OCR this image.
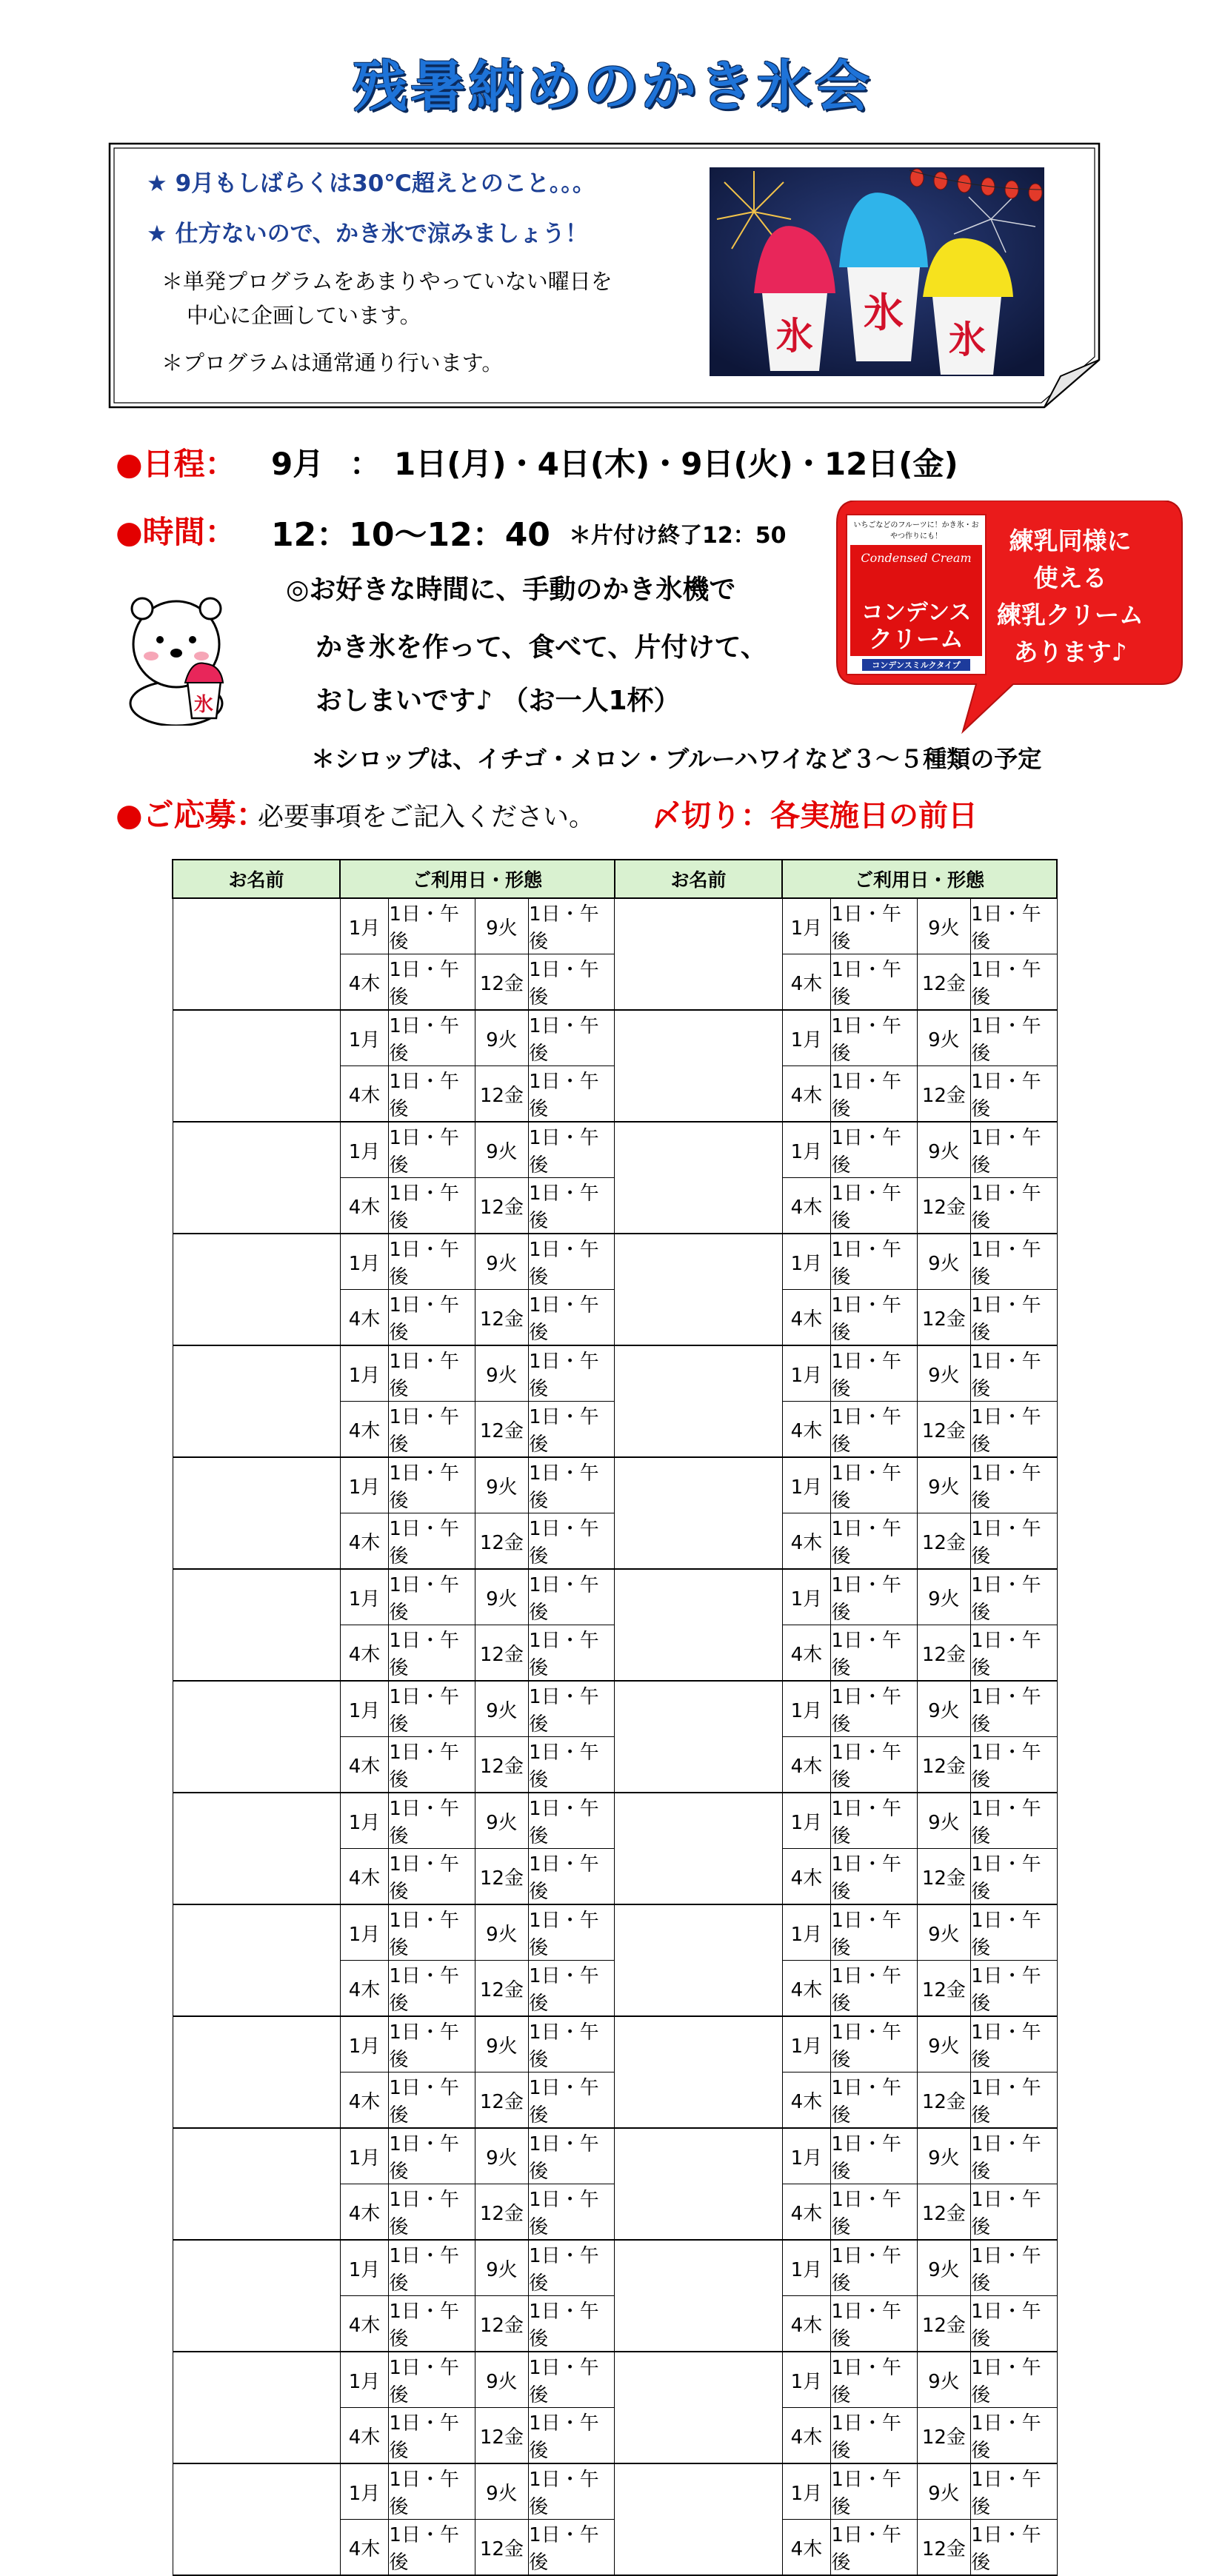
残暑納めのかき氷会
★ 9月もしばらくは30℃超えとのこと。。。
★ 仕方ないので、かき氷で涼みましょう！
＊単発プログラムをあまりやっていない曜日を
中心に企画しています。
＊プログラムは通常通り行います。
氷 氷
氷
●日程： 9月 ： 1日(月)・4日(木)・9日(火)・12日(金)
●時間： 12：10～12：40 ＊片付け終了12：50
氷
◎お好きな時間に、手動のかき氷機で
かき氷を作って、食べて、片付けて、
おしまいです♪ （お一人1杯）
＊シロップは、イチゴ・メロン・ブルーハワイなど３～５種類の予定
いちごなどのフルーツに！かき氷・おやつ作りにも！
Condensed Cream
コンデンス
クリーム
コンデンスミルクタイプ
練乳同様に
使える
練乳クリーム
あります♪
●ご応募：
必要事項をご記入ください。 〆切り：各実施日の前日
お名前	ご利用日・形態				お名前	ご利用日・形態			
	1月	1日・午後	9火	1日・午後		1月	1日・午後	9火	1日・午後
	4木	1日・午後	12金	1日・午後		4木	1日・午後	12金	1日・午後
	1月	1日・午後	9火	1日・午後		1月	1日・午後	9火	1日・午後
	4木	1日・午後	12金	1日・午後		4木	1日・午後	12金	1日・午後
	1月	1日・午後	9火	1日・午後		1月	1日・午後	9火	1日・午後
	4木	1日・午後	12金	1日・午後		4木	1日・午後	12金	1日・午後
	1月	1日・午後	9火	1日・午後		1月	1日・午後	9火	1日・午後
	4木	1日・午後	12金	1日・午後		4木	1日・午後	12金	1日・午後
	1月	1日・午後	9火	1日・午後		1月	1日・午後	9火	1日・午後
	4木	1日・午後	12金	1日・午後		4木	1日・午後	12金	1日・午後
	1月	1日・午後	9火	1日・午後		1月	1日・午後	9火	1日・午後
	4木	1日・午後	12金	1日・午後		4木	1日・午後	12金	1日・午後
	1月	1日・午後	9火	1日・午後		1月	1日・午後	9火	1日・午後
	4木	1日・午後	12金	1日・午後		4木	1日・午後	12金	1日・午後
	1月	1日・午後	9火	1日・午後		1月	1日・午後	9火	1日・午後
	4木	1日・午後	12金	1日・午後		4木	1日・午後	12金	1日・午後
	1月	1日・午後	9火	1日・午後		1月	1日・午後	9火	1日・午後
	4木	1日・午後	12金	1日・午後		4木	1日・午後	12金	1日・午後
	1月	1日・午後	9火	1日・午後		1月	1日・午後	9火	1日・午後
	4木	1日・午後	12金	1日・午後		4木	1日・午後	12金	1日・午後
	1月	1日・午後	9火	1日・午後		1月	1日・午後	9火	1日・午後
	4木	1日・午後	12金	1日・午後		4木	1日・午後	12金	1日・午後
	1月	1日・午後	9火	1日・午後		1月	1日・午後	9火	1日・午後
	4木	1日・午後	12金	1日・午後		4木	1日・午後	12金	1日・午後
	1月	1日・午後	9火	1日・午後		1月	1日・午後	9火	1日・午後
	4木	1日・午後	12金	1日・午後		4木	1日・午後	12金	1日・午後
	1月	1日・午後	9火	1日・午後		1月	1日・午後	9火	1日・午後
	4木	1日・午後	12金	1日・午後		4木	1日・午後	12金	1日・午後
	1月	1日・午後	9火	1日・午後		1月	1日・午後	9火	1日・午後
	4木	1日・午後	12金	1日・午後		4木	1日・午後	12金	1日・午後
